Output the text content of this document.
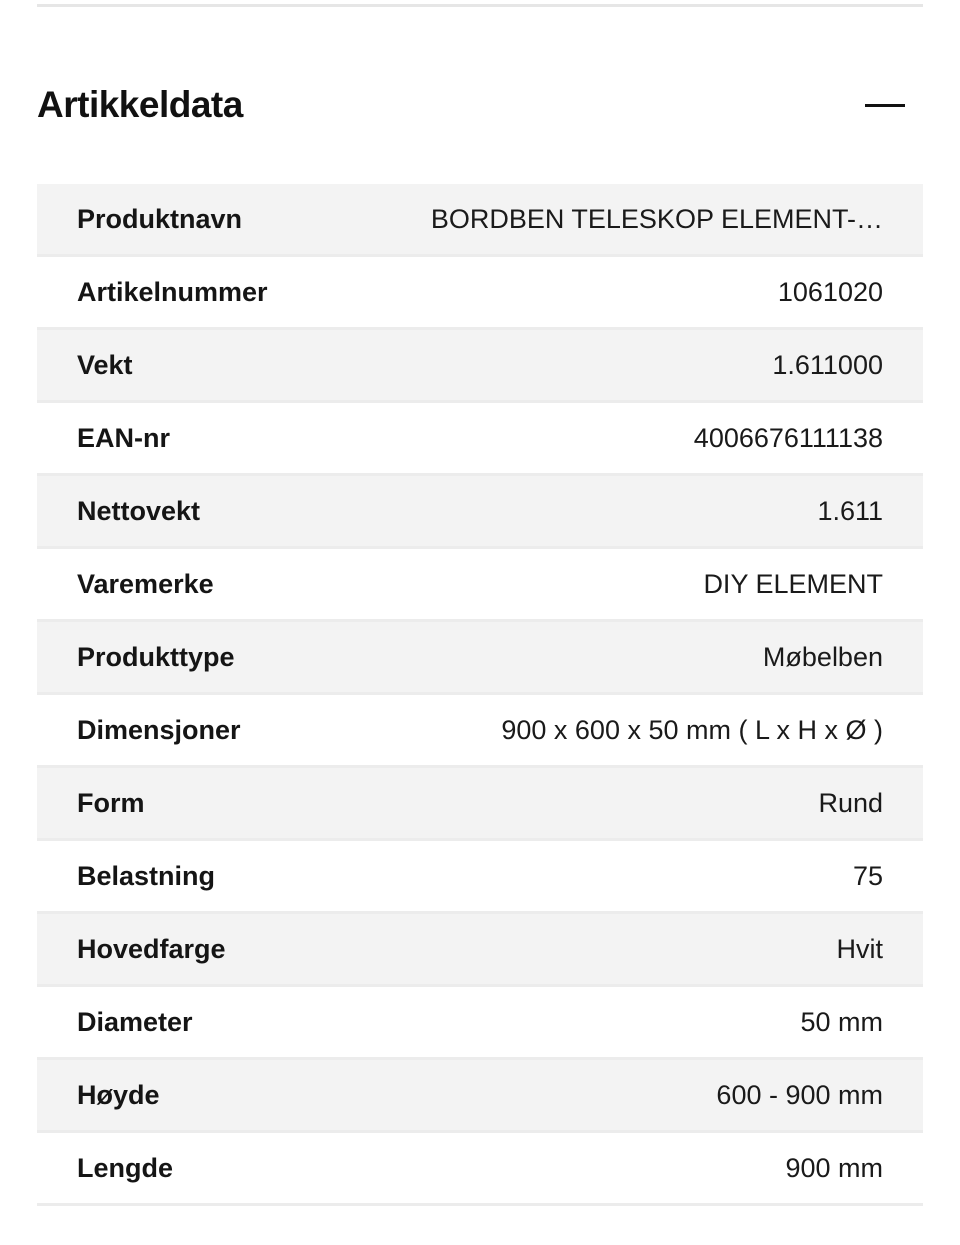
Artikkeldata
Produktnavn	BORDBEN TELESKOP ELEMENT-…
Artikelnummer	1061020
Vekt	1.611000
EAN-nr	4006676111138
Nettovekt	1.611
Varemerke	DIY ELEMENT
Produkttype	Møbelben
Dimensjoner	900 x 600 x 50 mm ( L x H x Ø )
Form	Rund
Belastning	75
Hovedfarge	Hvit
Diameter	50 mm
Høyde	600 - 900 mm
Lengde	900 mm
